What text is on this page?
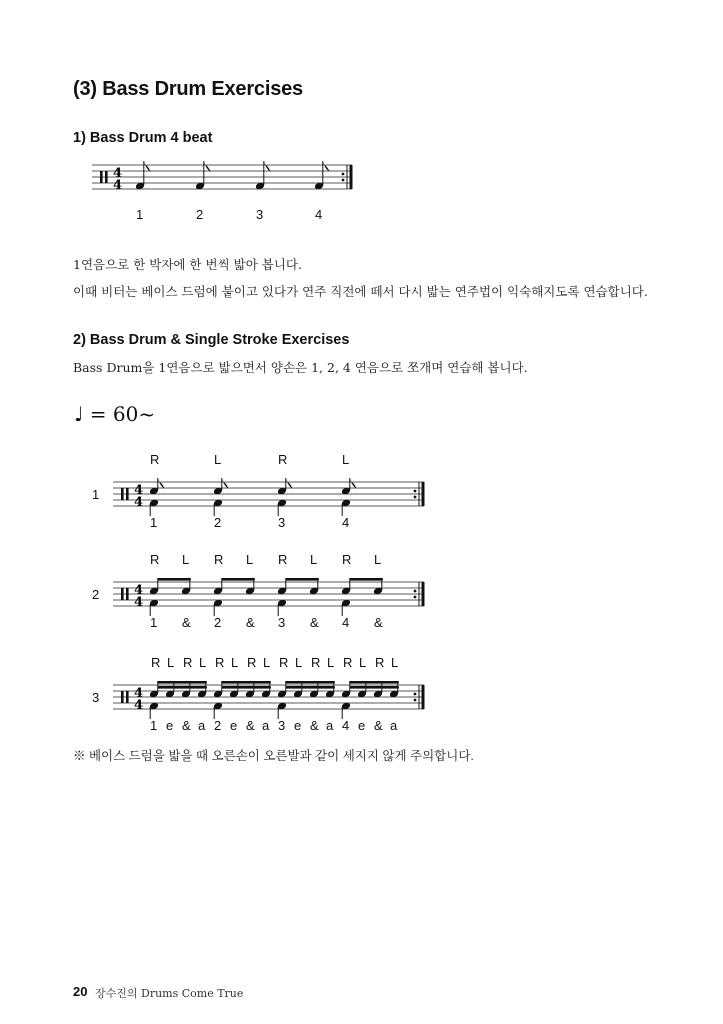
(3) Bass Drum Exercises
1) Bass Drum 4 beat
1연음으로 한 박자에 한 번씩 밟아 봅니다.
이때 비터는 베이스 드럼에 붙이고 있다가 연주 직전에 떼서 다시 밟는 연주법이 익숙해지도록 연습합니다.
2) Bass Drum & Single Stroke Exercises
Bass Drum을 1연음으로 밟으면서 양손은 1, 2, 4 연음으로 쪼개며 연습해 봅니다.
♩ = 60~
※ 베이스 드럼을 밟을 때 오른손이 오른발과 같이 세지지 않게 주의합니다.
20 장수진의 Drums Come True
4
4
1	2	3	4
4
4
1
R	L	R	L
1	2	3	4
4
4
2
R L R L R L R L
1 & 2 & 3 & 4 &
4
4
3
R L R L R L R L R L R L R L R L
1 e & a 2 e & a 3 e & a 4 e & a
